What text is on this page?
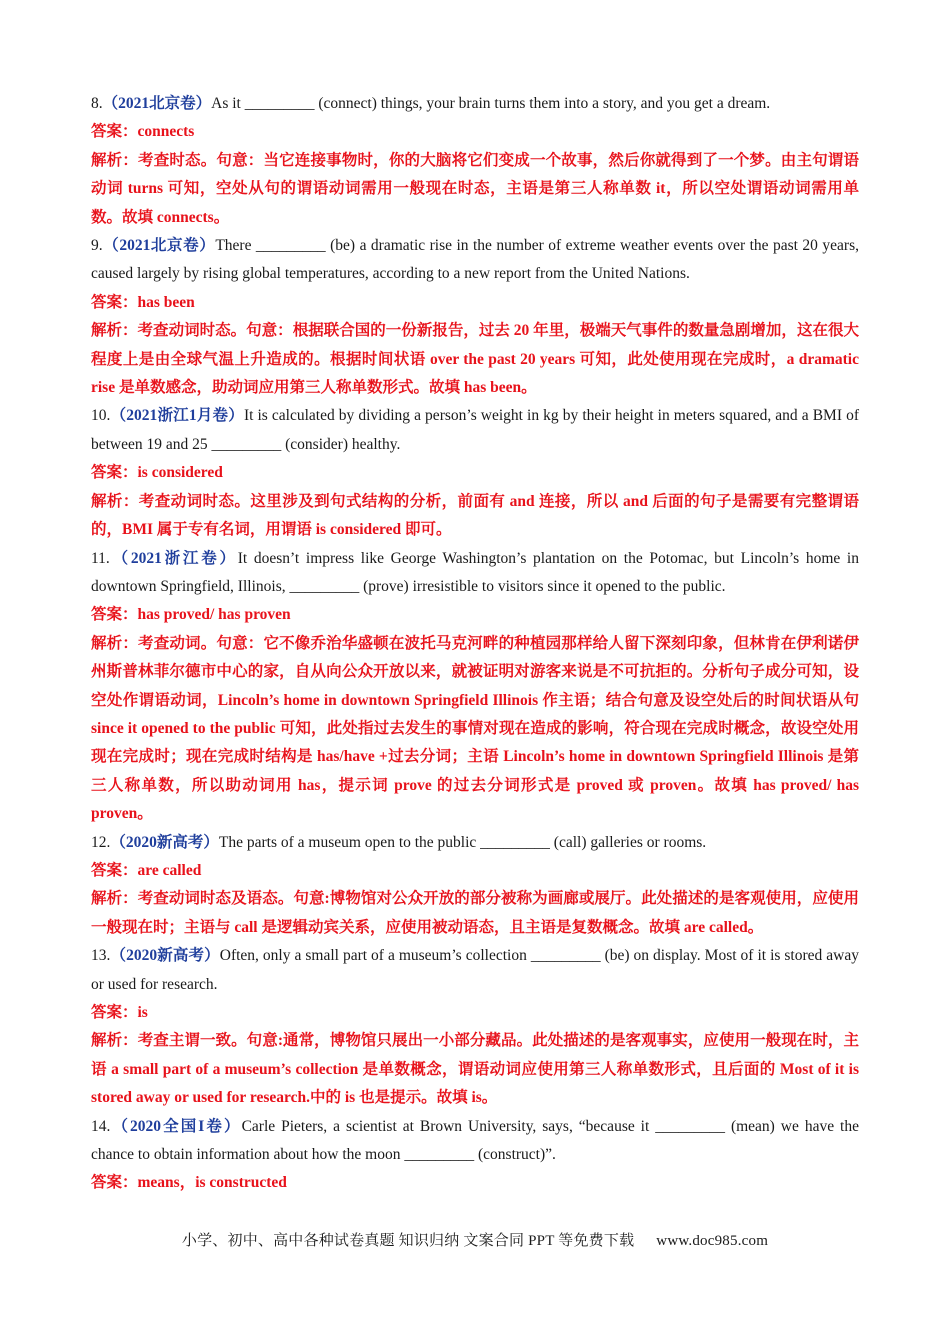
8.（2021北京卷）As it _________ (connect) things, your brain turns them into a story, and you get a dream.

答案：connects

解析：考查时态。句意：当它连接事物时，你的大脑将它们变成一个故事，然后你就得到了一个梦。由主句谓语动词 turns 可知，空处从句的谓语动词需用一般现在时态，主语是第三人称单数 it，所以空处谓语动词需用单数。故填 connects。

9.（2021北京卷）There _________ (be) a dramatic rise in the number of extreme weather events over the past 20 years, caused largely by rising global temperatures, according to a new report from the United Nations.

答案：has been

解析：考查动词时态。句意：根据联合国的一份新报告，过去 20 年里，极端天气事件的数量急剧增加，这在很大程度上是由全球气温上升造成的。根据时间状语 over the past 20 years 可知，此处使用现在完成时，a dramatic rise 是单数感念，助动词应用第三人称单数形式。故填 has been。

10.（2021浙江1月卷）It is calculated by dividing a person’s weight in kg by their height in meters squared, and a BMI of between 19 and 25 _________ (consider) healthy.

答案：is considered

解析：考查动词时态。这里涉及到句式结构的分析，前面有 and 连接，所以 and 后面的句子是需要有完整谓语的，BMI 属于专有名词，用谓语 is considered 即可。

11.（2021浙江卷）It doesn’t impress like George Washington’s plantation on the Potomac, but Lincoln’s home in downtown Springfield, Illinois, _________ (prove) irresistible to visitors since it opened to the public.

答案：has proved/ has proven

解析：考查动词。句意：它不像乔治华盛顿在波托马克河畔的种植园那样给人留下深刻印象，但林肯在伊利诺伊州斯普林菲尔德市中心的家，自从向公众开放以来，就被证明对游客来说是不可抗拒的。分析句子成分可知，设空处作谓语动词，Lincoln’s home in downtown Springfield Illinois 作主语；结合句意及设空处后的时间状语从句 since it opened to the public 可知，此处指过去发生的事情对现在造成的影响，符合现在完成时概念，故设空处用现在完成时；现在完成时结构是 has/have +过去分词；主语 Lincoln’s home in downtown Springfield Illinois 是第三人称单数，所以助动词用 has，提示词 prove 的过去分词形式是 proved 或 proven。故填 has proved/ has proven。

12.（2020新高考）The parts of a museum open to the public _________ (call) galleries or rooms.

答案：are called

解析：考查动词时态及语态。句意:博物馆对公众开放的部分被称为画廊或展厅。此处描述的是客观使用，应使用一般现在时；主语与 call 是逻辑动宾关系，应使用被动语态，且主语是复数概念。故填 are called。

13.（2020新高考）Often, only a small part of a museum’s collection _________ (be) on display. Most of it is stored away or used for research.

答案：is

解析：考查主谓一致。句意:通常，博物馆只展出一小部分藏品。此处描述的是客观事实，应使用一般现在时，主语 a small part of a museum’s collection 是单数概念，谓语动词应使用第三人称单数形式，且后面的 Most of it is stored away or used for research.中的 is 也是提示。故填 is。

14.（2020全国I卷）Carle Pieters, a scientist at Brown University, says, “because it _________ (mean) we have the chance to obtain information about how the moon _________ (construct)”.

答案：means，is constructed

小学、初中、高中各种试卷真题 知识归纳 文案合同 PPT 等免费下载 www.doc985.com
